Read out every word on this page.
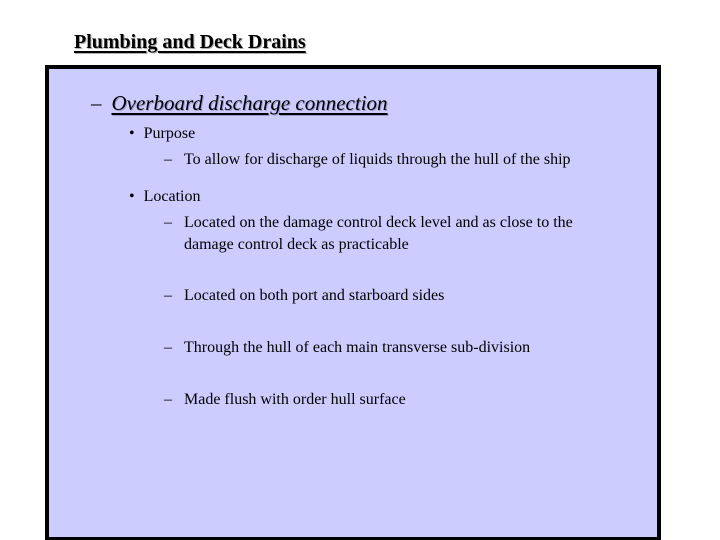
Plumbing and Deck Drains
– Overboard discharge connection
• Purpose
– To allow for discharge of liquids through the hull of the ship
• Location
– Located on the damage control deck level and as close to the
damage control deck as practicable
– Located on both port and starboard sides
– Through the hull of each main transverse sub-division
– Made flush with order hull surface
